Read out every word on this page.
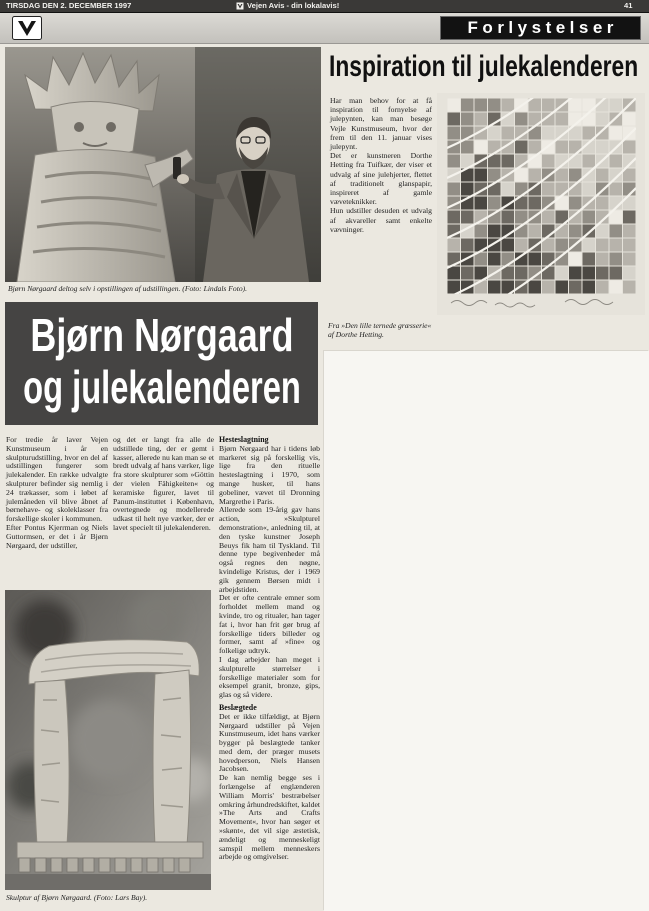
TIRSDAG DEN 2. DECEMBER 1997	Vejen Avis - din lokalavis!	41
Forlystelser
Bjørn Nørgaard deltog selv i opstillingen af udstillingen. (Foto: Lindals Foto).
Inspiration til julekalenderen

Har man behov for at få inspiration til fornyelse af julepynten, kan man besøge Vejle Kunstmuseum, hvor der frem til den 11. januar vises julepynt.

Det er kunstneren Dorthe Hetting fra Tuifkær, der viser et udvalg af sine julehjerter, flettet af traditionelt glanspapir, inspireret af gamle væveteknikker.

Hun udstiller desuden et udvalg af akvareller samt enkelte vævninger.

Fra »Den lille ternede græsserie« af Dorthe Hetting.
Bjørn Nørgaard
og julekalenderen

For tredie år laver Vejen Kunstmuseum i år en skulpturudstilling, hvor en del af udstillingen fungerer som julekalender. En række udvalgte skulpturer befinder sig nemlig i 24 trækasser, som i løbet af julemåneden vil blive åbnet af børnehave- og skoleklasser fra forskellige skoler i kommunen.

Efter Pontus Kjerrman og Niels Guttormsen, er det i år Bjørn Nørgaard, der udstiller,

og det er langt fra alle de udstillede ting, der er gemt i kasser, allerede nu kan man se et bredt udvalg af hans værker, lige fra store skulpturer som »Göttin der vielen Fähigkeiten« og keramiske figurer, lavet til Panum-instituttet i København, overtegnede og modellerede udkast til helt nye værker, der er lavet specielt til julekalenderen.

Hesteslagtning

Bjørn Nørgaard har i tidens løb markeret sig på forskellig vis, lige fra den rituelle hesteslagtning i 1970, som mange husker, til hans gobeliner, vævet til Dronning Margrethe i Paris.

Allerede som 19-årig gav hans action, »Skulpturel demonstration«, anledning til, at den tyske kunstner Joseph Beuys fik ham til Tyskland. Til denne type begivenheder må også regnes den nøgne, kvindelige Kristus, der i 1969 gik gennem Børsen midt i arbejdstiden.

Det er ofte centrale emner som forholdet mellem mand og kvinde, tro og ritualer, han tager fat i, hvor han frit gør brug af forskellige tiders billeder og former, samt af »fine« og folkelige udtryk.

I dag arbejder han meget i skulpturelle størrelser i forskellige materialer som for eksempel granit, bronze, gips, glas og så videre.

Beslægtede

Det er ikke tilfældigt, at Bjørn Nørgaard udstiller på Vejen Kunstmuseum, idet hans værker bygger på beslægtede tanker med dem, der præger musets hovedperson, Niels Hansen Jacobsen.

De kan nemlig begge ses i forlængelse af englænderen William Morris' bestræbelser omkring århundredskiftet, kaldet »The Arts and Crafts Movement«, hvor han søger et »skønt«, det vil sige æstetisk, ændeligt og menneskeligt samspil mellem menneskers arbejde og omgivelser.

Skulptur af Bjørn Nørgaard. (Foto: Lars Bay).
